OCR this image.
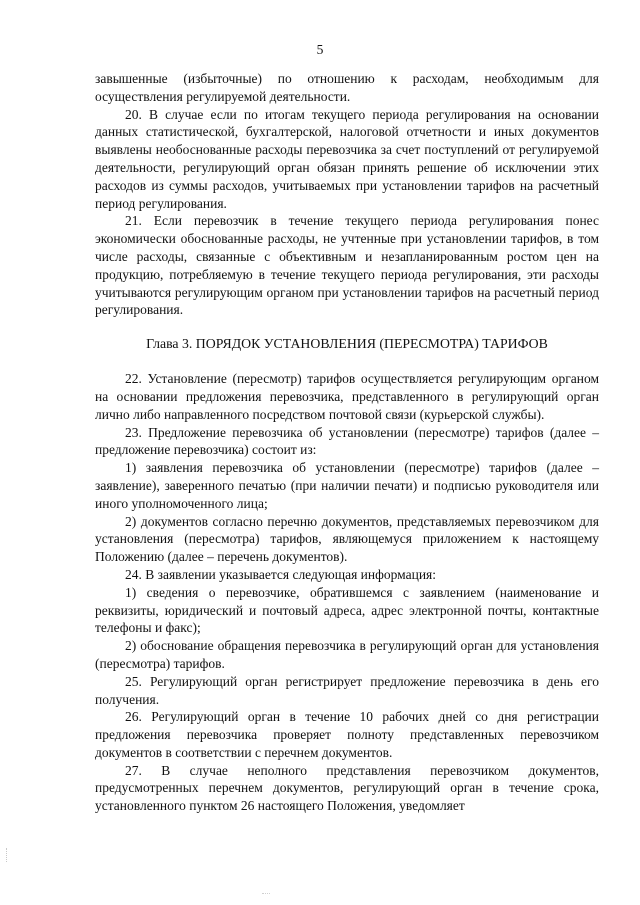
5

завышенные (избыточные) по отношению к расходам, необходимым для осуществления регулируемой деятельности.

20. В случае если по итогам текущего периода регулирования на основании данных статистической, бухгалтерской, налоговой отчетности и иных документов выявлены необоснованные расходы перевозчика за счет поступлений от регулируемой деятельности, регулирующий орган обязан принять решение об исключении этих расходов из суммы расходов, учитываемых при установлении тарифов на расчетный период регулирования.

21. Если перевозчик в течение текущего периода регулирования понес экономически обоснованные расходы, не учтенные при установлении тарифов, в том числе расходы, связанные с объективным и незапланированным ростом цен на продукцию, потребляемую в течение текущего периода регулирования, эти расходы учитываются регулирующим органом при установлении тарифов на расчетный период регулирования.

Глава 3. ПОРЯДОК УСТАНОВЛЕНИЯ (ПЕРЕСМОТРА) ТАРИФОВ

22. Установление (пересмотр) тарифов осуществляется регулирующим органом на основании предложения перевозчика, представленного в регулирующий орган лично либо направленного посредством почтовой связи (курьерской службы).

23. Предложение перевозчика об установлении (пересмотре) тарифов (далее – предложение перевозчика) состоит из:

1) заявления перевозчика об установлении (пересмотре) тарифов (далее – заявление), заверенного печатью (при наличии печати) и подписью руководителя или иного уполномоченного лица;

2) документов согласно перечню документов, представляемых перевозчиком для установления (пересмотра) тарифов, являющемуся приложением к настоящему Положению (далее – перечень документов).

24. В заявлении указывается следующая информация:

1) сведения о перевозчике, обратившемся с заявлением (наименование и реквизиты, юридический и почтовый адреса, адрес электронной почты, контактные телефоны и факс);

2) обоснование обращения перевозчика в регулирующий орган для установления (пересмотра) тарифов.

25. Регулирующий орган регистрирует предложение перевозчика в день его получения.

26. Регулирующий орган в течение 10 рабочих дней со дня регистрации предложения перевозчика проверяет полноту представленных перевозчиком документов в соответствии с перечнем документов.

27. В случае неполного представления перевозчиком документов, предусмотренных перечнем документов, регулирующий орган в течение срока, установленного пунктом 26 настоящего Положения, уведомляет
